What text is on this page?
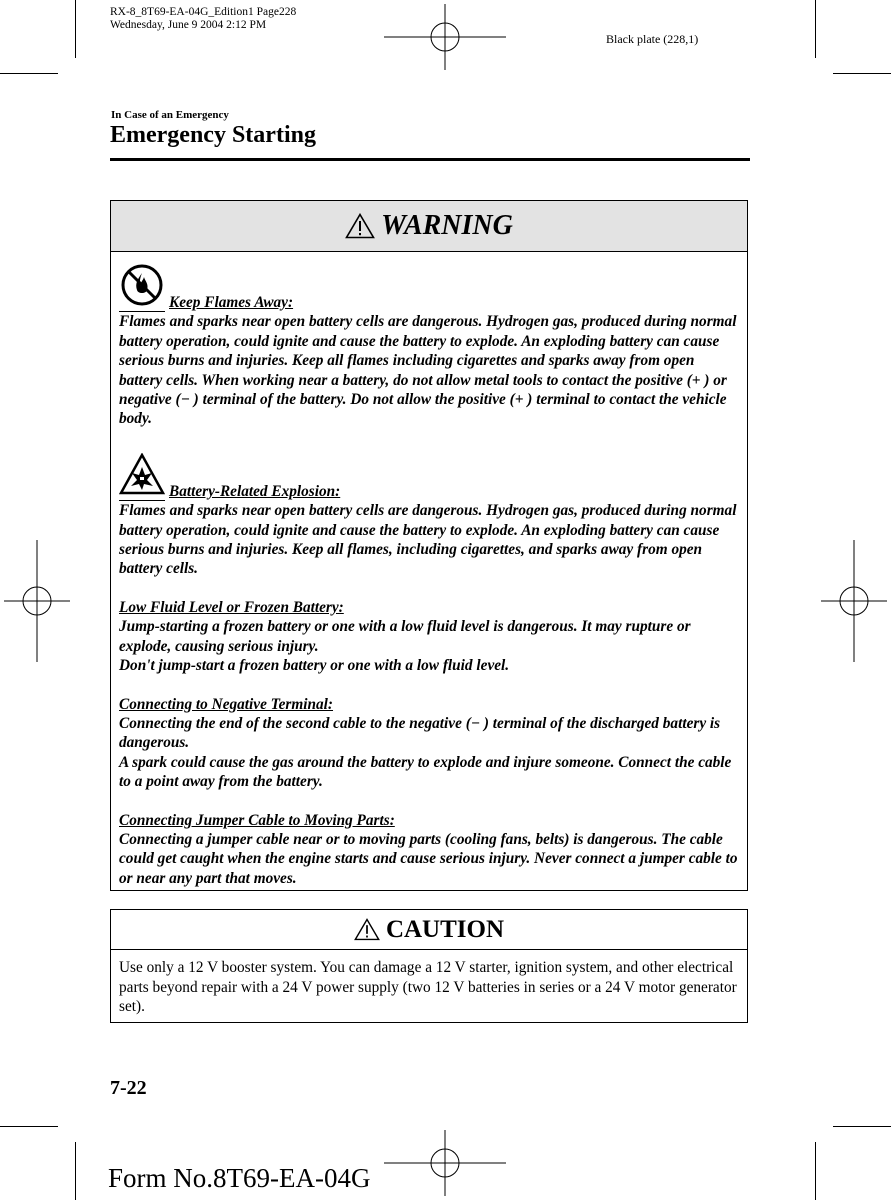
RX-8_8T69-EA-04G_Edition1 Page228
Wednesday, June 9 2004 2:12 PM
Black plate (228,1)
In Case of an Emergency
Emergency Starting
WARNING
Keep Flames Away:

Flames and sparks near open battery cells are dangerous. Hydrogen gas, produced during normal battery operation, could ignite and cause the battery to explode. An exploding battery can cause serious burns and injuries. Keep all flames including cigarettes and sparks away from open battery cells. When working near a battery, do not allow metal tools to contact the positive (+ ) or negative (− ) terminal of the battery. Do not allow the positive (+ ) terminal to contact the vehicle body.

Battery-Related Explosion:

Flames and sparks near open battery cells are dangerous. Hydrogen gas, produced during normal battery operation, could ignite and cause the battery to explode. An exploding battery can cause serious burns and injuries. Keep all flames, including cigarettes, and sparks away from open battery cells.

Low Fluid Level or Frozen Battery:

Jump-starting a frozen battery or one with a low fluid level is dangerous. It may rupture or explode, causing serious injury.

Don't jump-start a frozen battery or one with a low fluid level.

Connecting to Negative Terminal:

Connecting the end of the second cable to the negative (− ) terminal of the discharged battery is dangerous.

A spark could cause the gas around the battery to explode and injure someone. Connect the cable to a point away from the battery.

Connecting Jumper Cable to Moving Parts:

Connecting a jumper cable near or to moving parts (cooling fans, belts) is dangerous. The cable could get caught when the engine starts and cause serious injury. Never connect a jumper cable to or near any part that moves.

CAUTION
Use only a 12 V booster system. You can damage a 12 V starter, ignition system, and other electrical parts beyond repair with a 24 V power supply (two 12 V batteries in series or a 24 V motor generator set).
7-22
Form No.8T69-EA-04G
